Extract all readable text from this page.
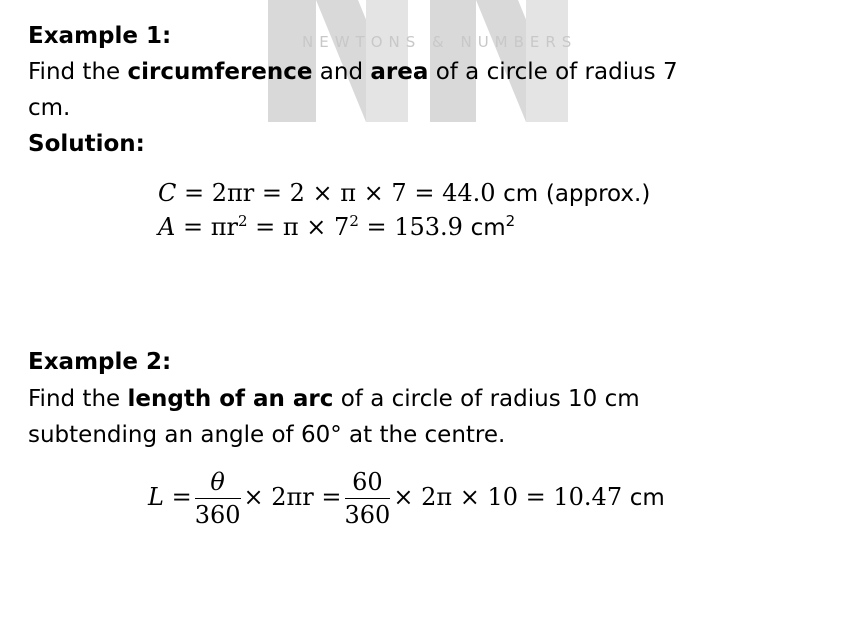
NEWTONS & NUMBERS
Example 1:
Find the circumference and area of a circle of radius 7
cm.
Solution:
C = 2πr = 2 × π × 7 = 44.0 cm (approx.)
$A = \pi r^2 = \pi \times 7^2 = 153.9$ $cm^2$
Example 2:
Find the length of an arc of a circle of radius 10 cm
subtending an angle of 60° at the centre.
$L = \frac{\theta}{360} \times 2\pi r = \frac{60}{360} \times 2\pi \times 10 = 10.47$ cm
